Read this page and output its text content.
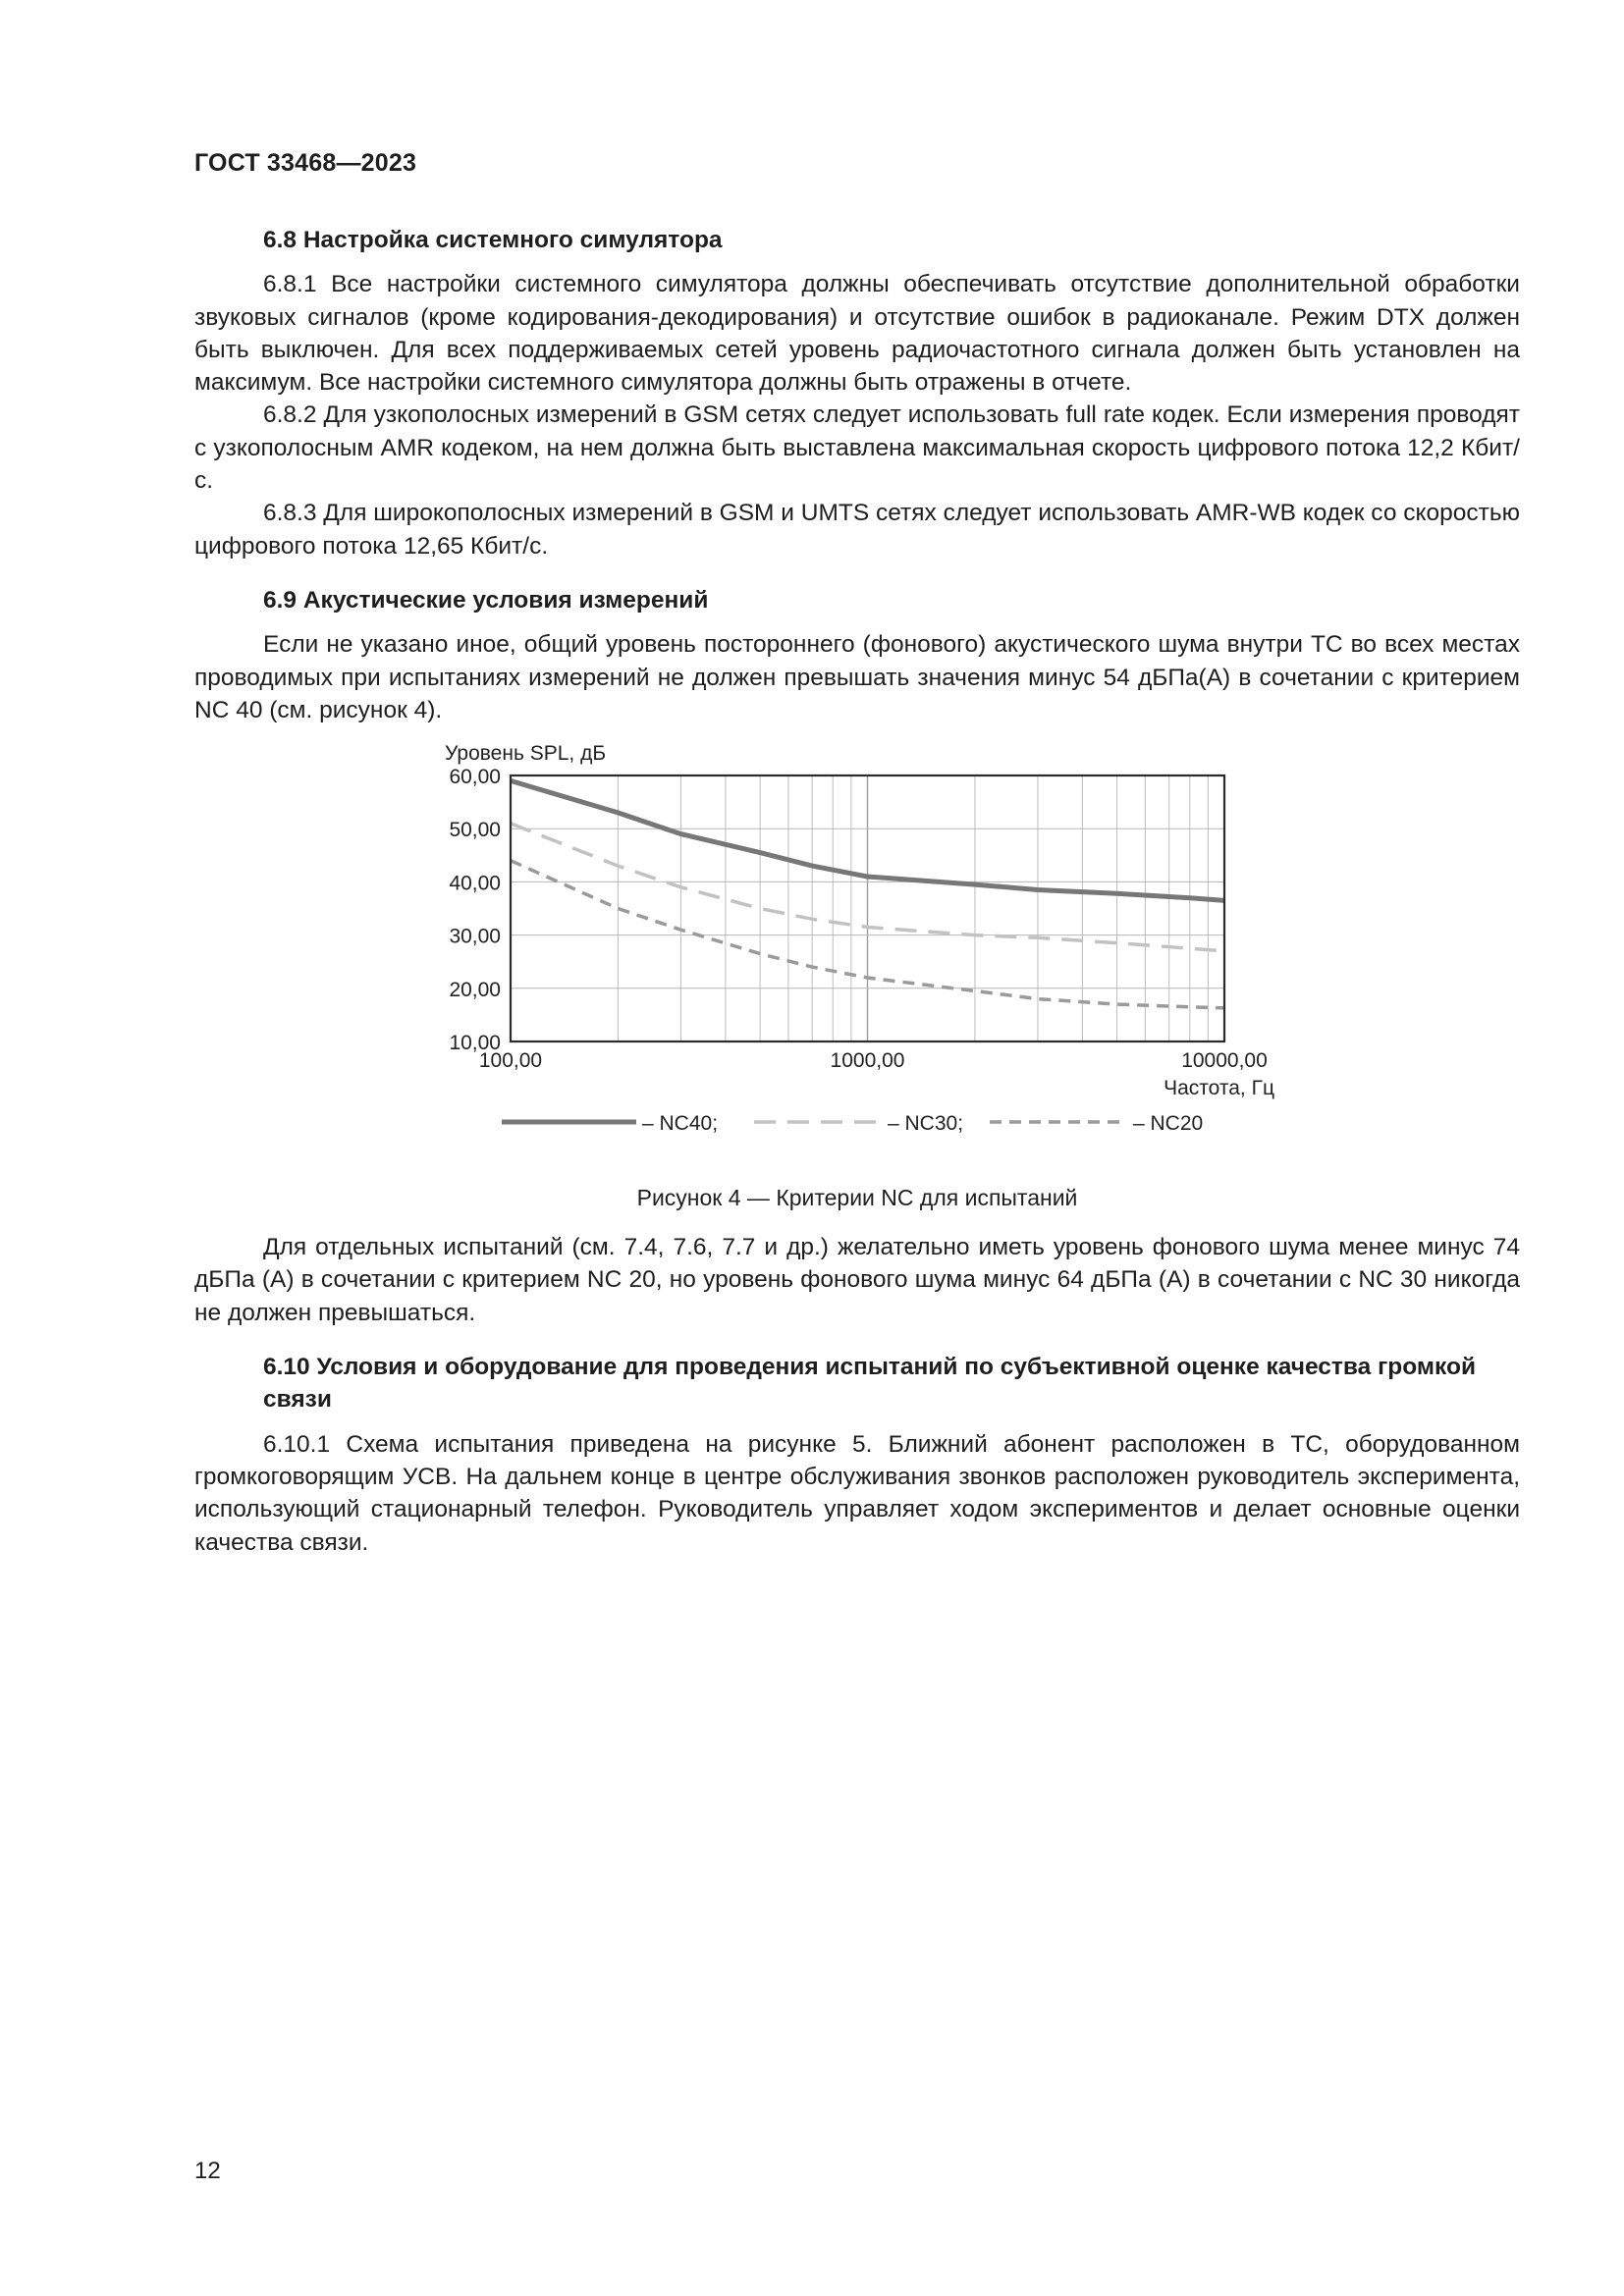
ГОСТ 33468—2023

6.8 Настройка системного симулятора

6.8.1 Все настройки системного симулятора должны обеспечивать отсутствие дополнительной обработки звуковых сигналов (кроме кодирования-декодирования) и отсутствие ошибок в радиоканале. Режим DTX должен быть выключен. Для всех поддерживаемых сетей уровень радиочастотного сигнала должен быть установлен на максимум. Все настройки системного симулятора должны быть отражены в отчете.

6.8.2 Для узкополосных измерений в GSM сетях следует использовать full rate кодек. Если измерения проводят с узкополосным AMR кодеком, на нем должна быть выставлена максимальная скорость цифрового потока 12,2 Кбит/с.

6.8.3 Для широкополосных измерений в GSM и UMTS сетях следует использовать AMR-WB кодек со скоростью цифрового потока 12,65 Кбит/с.

6.9 Акустические условия измерений

Если не указано иное, общий уровень постороннего (фонового) акустического шума внутри ТС во всех местах проводимых при испытаниях измерений не должен превышать значения минус 54 дБПа(А) в сочетании с критерием NC 40 (см. рисунок 4).

10,00
20,00
30,00
40,00
50,00
60,00
100,00	1000,00	10000,00
Уровень SPL, дБ
Частота, Гц
– NC40;	– NC30;	– NC20
Рисунок 4 — Критерии NC для испытаний

Для отдельных испытаний (см. 7.4, 7.6, 7.7 и др.) желательно иметь уровень фонового шума менее минус 74 дБПа (А) в сочетании с критерием NC 20, но уровень фонового шума минус 64 дБПа (А) в сочетании с NC 30 никогда не должен превышаться.

6.10 Условия и оборудование для проведения испытаний по субъективной оценке качества громкой связи

6.10.1 Схема испытания приведена на рисунке 5. Ближний абонент расположен в ТС, оборудованном громкоговорящим УСВ. На дальнем конце в центре обслуживания звонков расположен руководитель эксперимента, использующий стационарный телефон. Руководитель управляет ходом экспериментов и делает основные оценки качества связи.

12
